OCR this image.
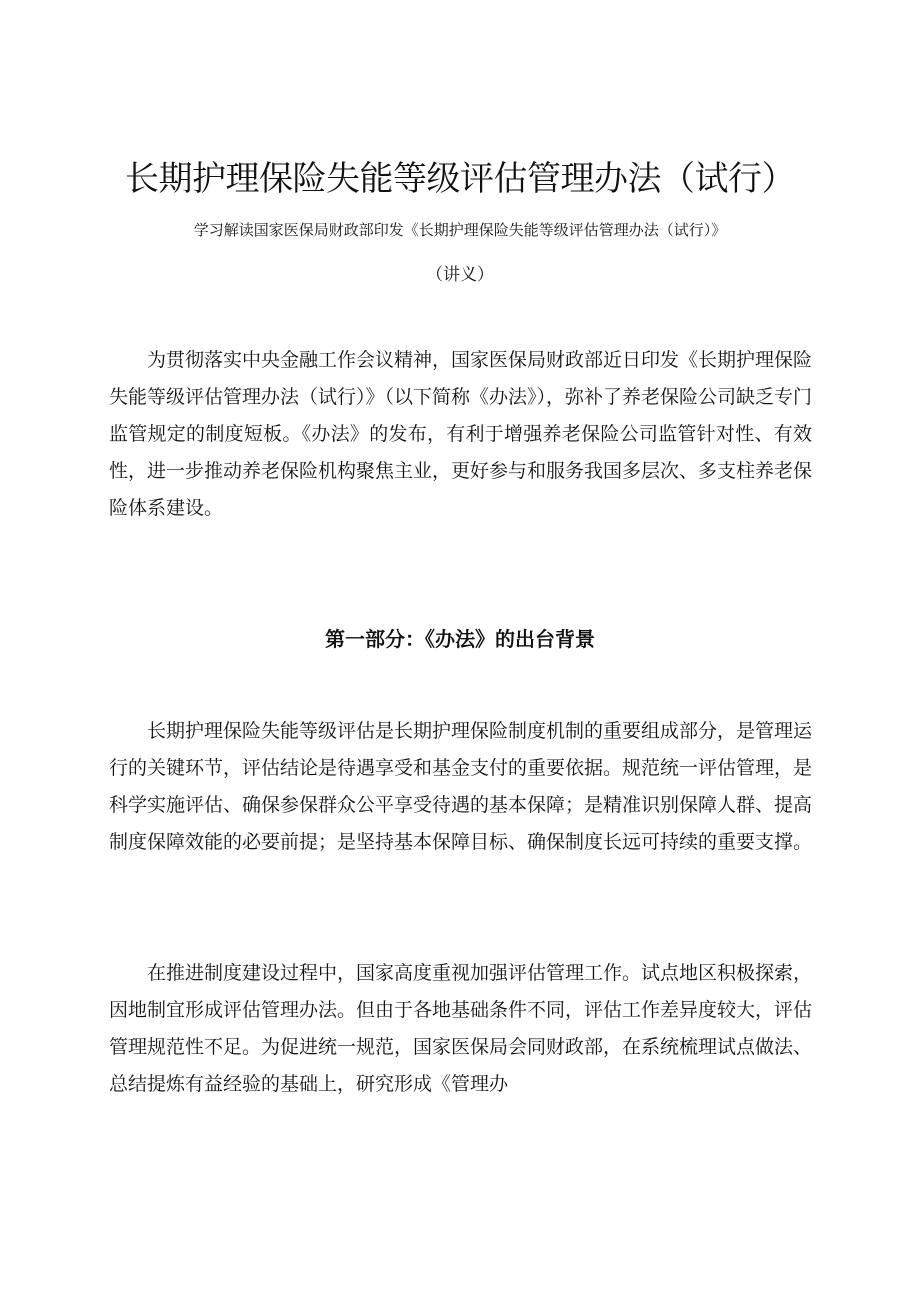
长期护理保险失能等级评估管理办法（试行）

学习解读国家医保局财政部印发《长期护理保险失能等级评估管理办法（试行）》

（讲义）

为贯彻落实中央金融工作会议精神，国家医保局财政部近日印发《长期护理保险失能等级评估管理办法（试行）》（以下简称《办法》），弥补了养老保险公司缺乏专门监管规定的制度短板。《办法》的发布，有利于增强养老保险公司监管针对性、有效性，进一步推动养老保险机构聚焦主业，更好参与和服务我国多层次、多支柱养老保险体系建设。

第一部分：《办法》的出台背景

长期护理保险失能等级评估是长期护理保险制度机制的重要组成部分，是管理运行的关键环节，评估结论是待遇享受和基金支付的重要依据。规范统一评估管理，是科学实施评估、确保参保群众公平享受待遇的基本保障；是精准识别保障人群、提高制度保障效能的必要前提；是坚持基本保障目标、确保制度长远可持续的重要支撑。

在推进制度建设过程中，国家高度重视加强评估管理工作。试点地区积极探索，因地制宜形成评估管理办法。但由于各地基础条件不同，评估工作差异度较大，评估管理规范性不足。为促进统一规范，国家医保局会同财政部，在系统梳理试点做法、总结提炼有益经验的基础上，研究形成《管理办
